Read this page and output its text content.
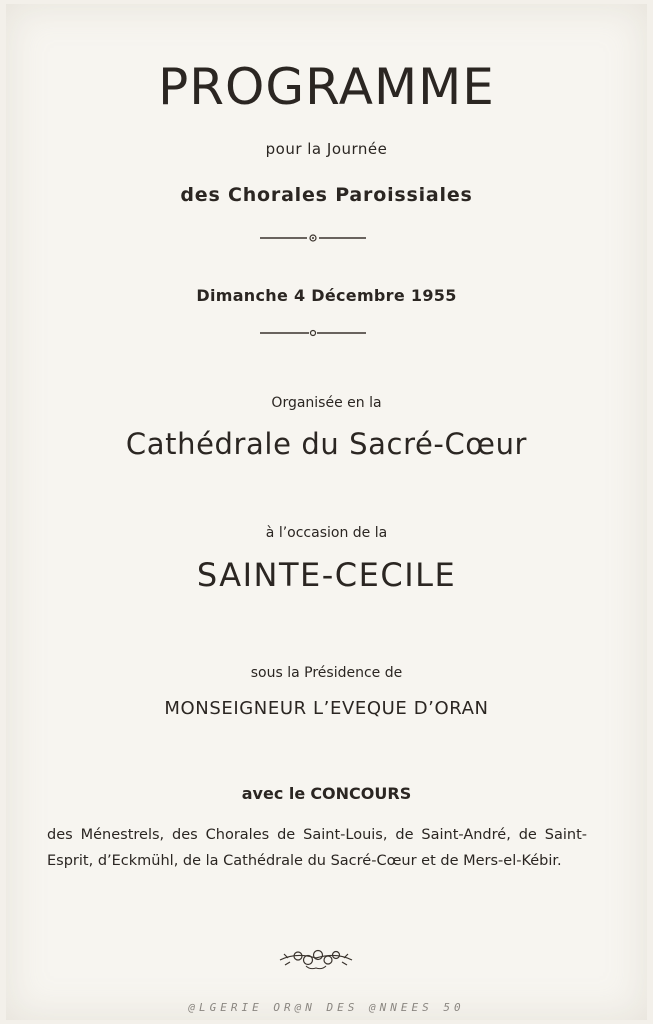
PROGRAMME
pour la Journée
des Chorales Paroissiales
Dimanche 4 Décembre 1955
Organisée en la
Cathédrale du Sacré-Cœur
à l’occasion de la
SAINTE-CECILE
sous la Présidence de
MONSEIGNEUR L’EVEQUE D’ORAN
avec le CONCOURS
des Ménestrels, des Chorales de Saint-Louis, de Saint-André, de Saint-Esprit, d’Eckmühl, de la Cathédrale du Sacré-Cœur et de Mers-el-Kébir.
@LGERIE OR@N DES @NNEES 50
